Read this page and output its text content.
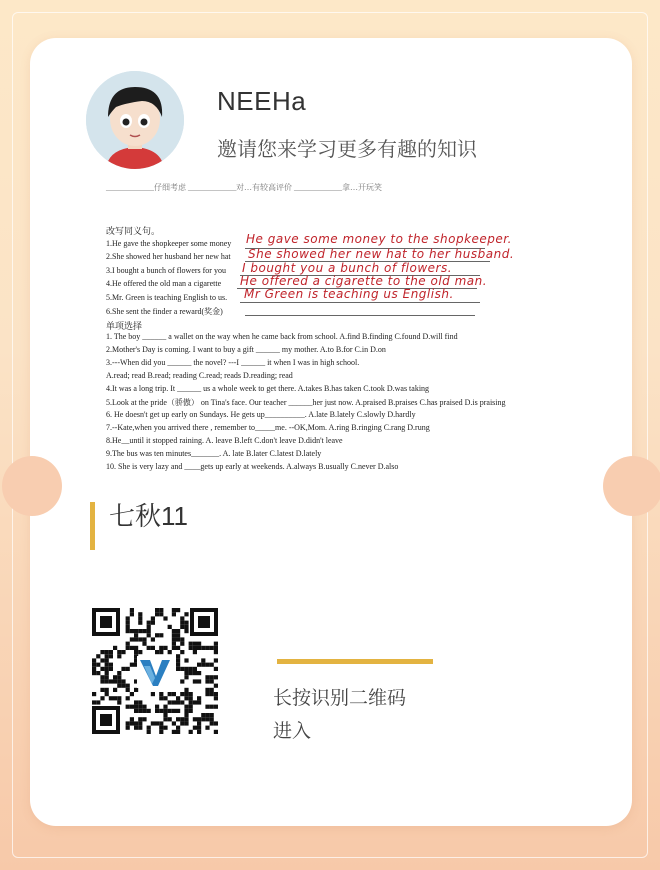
NEEHa
邀请您来学习更多有趣的知识
____________仔细考虑 ____________对…有较高评价 ____________拿…开玩笑
改写同义句。
1.He gave the shopkeeper some money He gave some money to the shopkeeper.
2.She showed her husband her new hat She showed her new hat to her husband.
3.I bought a bunch of flowers for you I bought you a bunch of flowers.
4.He offered the old man a cigarette He offered a cigarette to the old man.
5.Mr. Green is teaching English to us. Mr Green is teaching us English.
6.She sent the finder a reward(奖金)
单项选择
1. The boy ______ a wallet on the way when he came back from school. A.find B.finding C.found D.will find
2.Mother's Day is coming. I want to buy a gift ______ my mother. A.to B.for C.in D.on
3.---When did you ______ the novel? ---I ______ it when I was in high school.
A.read; read B.read; reading C.read; reads D.reading; read
4.It was a long trip. It ______ us a whole week to get there. A.takes B.has taken C.took D.was taking
5.Look at the pride（骄傲） on Tina's face. Our teacher ______her just now. A.praised B.praises C.has praised D.is praising
6. He doesn't get up early on Sundays. He gets up__________. A.late B.lately C.slowly D.hardly
7.--Kate,when you arrived there , remember to_____me. --OK,Mom. A.ring B.ringing C.rang D.rung
8.He__until it stopped raining. A. leave B.left C.don't leave D.didn't leave
9.The bus was ten minutes_______. A. late B.later C.latest D.lately
10. She is very lazy and ____gets up early at weekends. A.always B.usually C.never D.also
七秋11
长按识别二维码
进入
